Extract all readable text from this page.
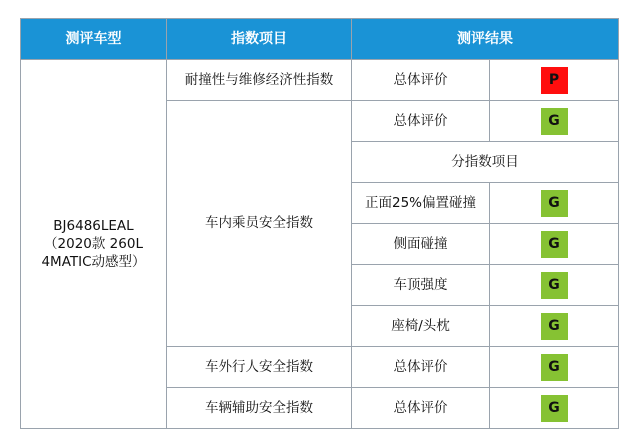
测评车型	指数项目	测评结果	
BJ6486LEAL
（2020款 260L
4MATIC动感型）	耐撞性与维修经济性指数	总体评价	P
	车内乘员安全指数	总体评价	G
		分指数项目	
		正面25%偏置碰撞	G
		侧面碰撞	G
		车顶强度	G
		座椅/头枕	G
	车外行人安全指数	总体评价	G
	车辆辅助安全指数	总体评价	G
